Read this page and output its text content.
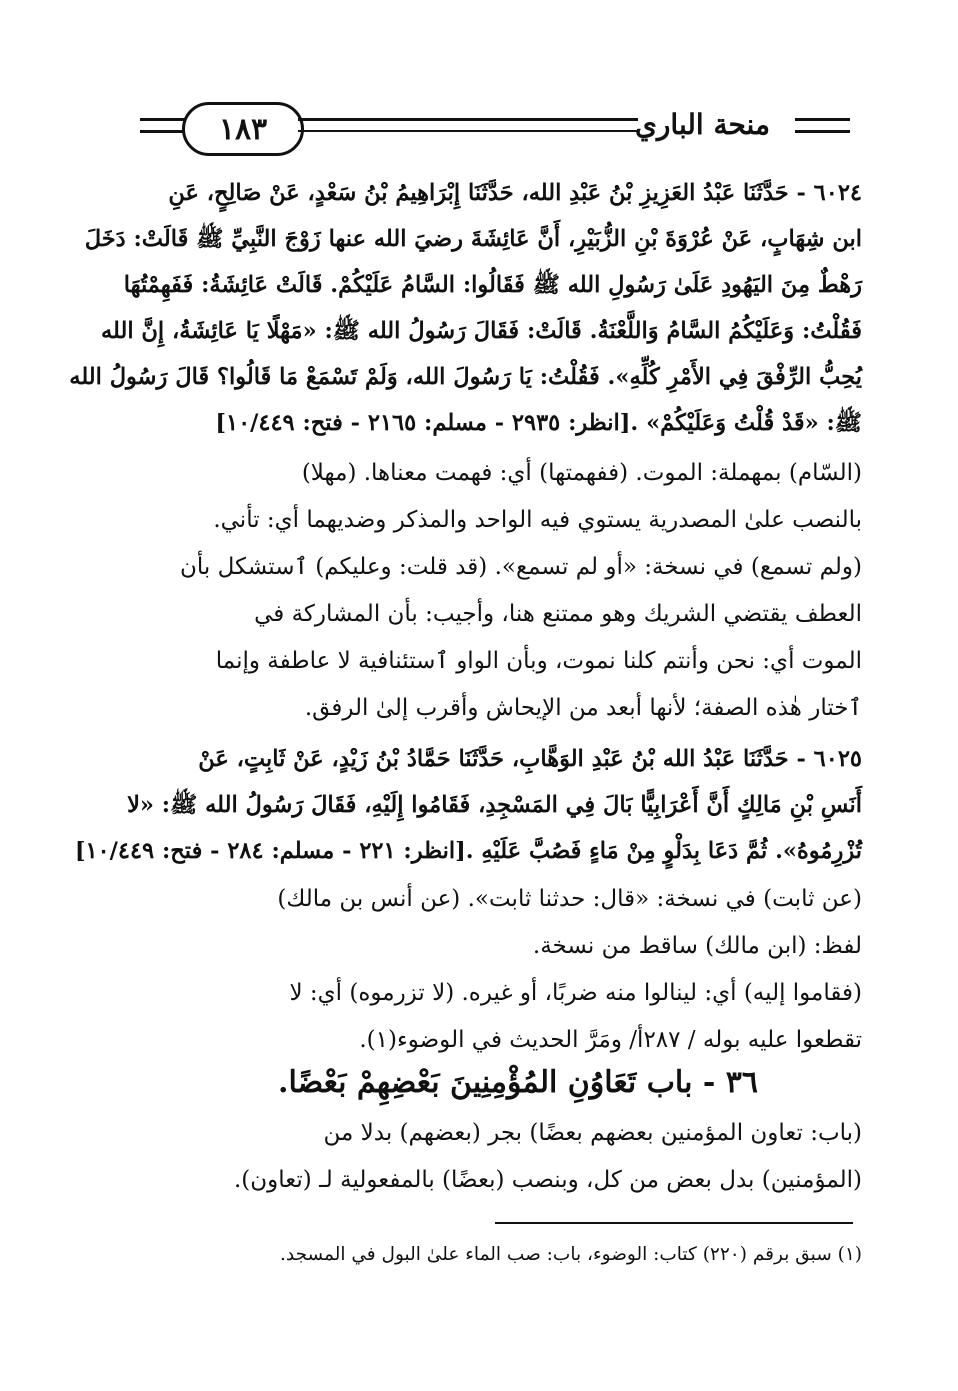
١٨٣	منحة الباري
٦٠٢٤ - حَدَّثَنَا عَبْدُ العَزِيزِ بْنُ عَبْدِ الله، حَدَّثَنَا إِبْرَاهِيمُ بْنُ سَعْدٍ، عَنْ صَالِحٍ، عَنِ
ابن شِهَابٍ، عَنْ عُرْوَةَ بْنِ الزُّبَيْرِ، أَنَّ عَائِشَةَ رضيَ الله عنها زَوْجَ النَّبِيِّ ﷺ قَالَتْ: دَخَلَ
رَهْطٌ مِنَ اليَهُودِ عَلَىٰ رَسُولِ الله ﷺ فَقَالُوا: السَّامُ عَلَيْكُمْ. قَالَتْ عَائِشَةُ: فَفَهِمْتُهَا
فَقُلْتُ: وَعَلَيْكُمُ السَّامُ وَاللَّعْنَةُ. قَالَتْ: فَقَالَ رَسُولُ الله ﷺ: «مَهْلًا يَا عَائِشَةُ، إِنَّ الله
يُحِبُّ الرِّفْقَ فِي الأَمْرِ كُلِّهِ». فَقُلْتُ: يَا رَسُولَ الله، وَلَمْ تَسْمَعْ مَا قَالُوا؟ قَالَ رَسُولُ الله
ﷺ: «قَدْ قُلْتُ وَعَلَيْكُمْ» .[انظر: ٢٩٣٥ - مسلم: ٢١٦٥ - فتح: ١٠/٤٤٩]
(السّام) بمهملة: الموت. (ففهمتها) أي: فهمت معناها. (مهلا)
بالنصب علىٰ المصدرية يستوي فيه الواحد والمذكر وضديهما أي: تأني.
(ولم تسمع) في نسخة: «أو لم تسمع». (قد قلت: وعليكم) ٱستشكل بأن
العطف يقتضي الشريك وهو ممتنع هنا، وأجيب: بأن المشاركة في
الموت أي: نحن وأنتم كلنا نموت، وبأن الواو ٱستئنافية لا عاطفة وإنما
ٱختار هٰذه الصفة؛ لأنها أبعد من الإيحاش وأقرب إلىٰ الرفق.
٦٠٢٥ - حَدَّثَنَا عَبْدُ الله بْنُ عَبْدِ الوَهَّابِ، حَدَّثَنَا حَمَّادُ بْنُ زَيْدٍ، عَنْ ثَابِتٍ، عَنْ
أَنَسِ بْنِ مَالِكٍ أَنَّ أَعْرَابِيًّا بَالَ فِي المَسْجِدِ، فَقَامُوا إِلَيْهِ، فَقَالَ رَسُولُ الله ﷺ: «لا
تُزْرِمُوهُ». ثُمَّ دَعَا بِدَلْوٍ مِنْ مَاءٍ فَصُبَّ عَلَيْهِ .[انظر: ٢٢١ - مسلم: ٢٨٤ - فتح: ١٠/٤٤٩]
(عن ثابت) في نسخة: «قال: حدثنا ثابت». (عن أنس بن مالك)
لفظ: (ابن مالك) ساقط من نسخة.
(فقاموا إليه) أي: لينالوا منه ضربًا، أو غيره. (لا تزرموه) أي: لا
تقطعوا عليه بوله / ٢٨٧أ/ ومَرَّ الحديث في الوضوء(١).
٣٦ - باب تَعَاوُنِ المُؤْمِنِينَ بَعْضِهِمْ بَعْضًا.
(باب: تعاون المؤمنين بعضهم بعضًا) بجر (بعضهم) بدلا من
(المؤمنين) بدل بعض من كل، وبنصب (بعضًا) بالمفعولية لـ (تعاون).
(١) سبق برقم (٢٢٠) كتاب: الوضوء، باب: صب الماء علىٰ البول في المسجد.
